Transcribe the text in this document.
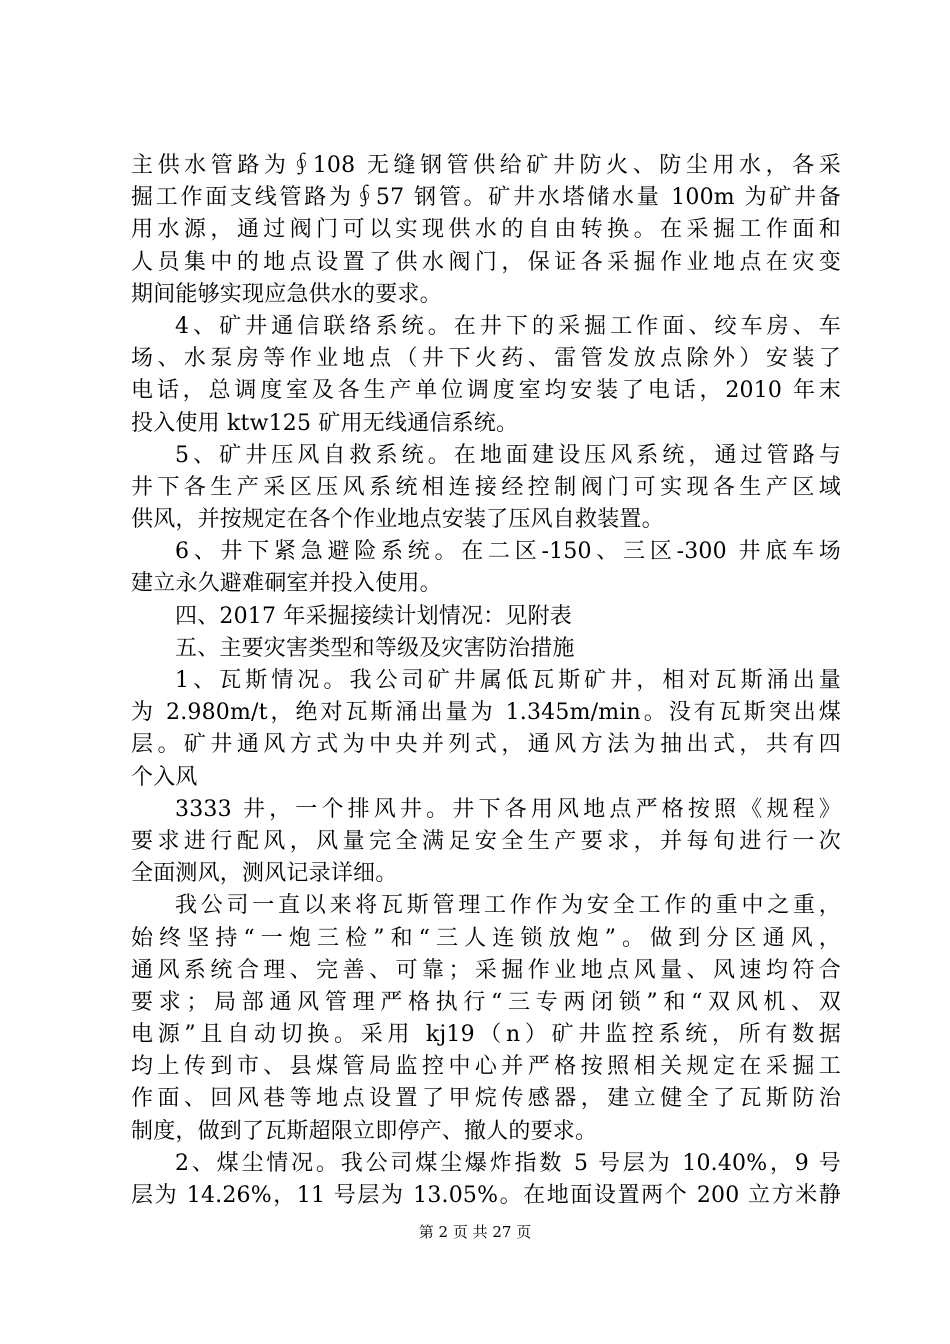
主供水管路为∮108 无缝钢管供给矿井防火、防尘用水，各采
掘工作面支线管路为∮57 钢管。矿井水塔储水量 100m 为矿井备
用水源，通过阀门可以实现供水的自由转换。在采掘工作面和
人员集中的地点设置了供水阀门，保证各采掘作业地点在灾变
期间能够实现应急供水的要求。
4、矿井通信联络系统。在井下的采掘工作面、绞车房、车
场、水泵房等作业地点（井下火药、雷管发放点除外）安装了
电话，总调度室及各生产单位调度室均安装了电话，2010 年末
投入使用 ktw125 矿用无线通信系统。
5、矿井压风自救系统。在地面建设压风系统，通过管路与
井下各生产采区压风系统相连接经控制阀门可实现各生产区域
供风，并按规定在各个作业地点安装了压风自救装置。
6、井下紧急避险系统。在二区-150、三区-300 井底车场
建立永久避难硐室并投入使用。
四、2017 年采掘接续计划情况：见附表
五、主要灾害类型和等级及灾害防治措施
1、瓦斯情况。我公司矿井属低瓦斯矿井，相对瓦斯涌出量
为 2.980m/t，绝对瓦斯涌出量为 1.345m/min。没有瓦斯突出煤
层。矿井通风方式为中央并列式，通风方法为抽出式，共有四
个入风
3333 井，一个排风井。井下各用风地点严格按照《规程》
要求进行配风，风量完全满足安全生产要求，并每旬进行一次
全面测风，测风记录详细。
我公司一直以来将瓦斯管理工作作为安全工作的重中之重，
始终坚持“一炮三检”和“三人连锁放炮”。做到分区通风，
通风系统合理、完善、可靠；采掘作业地点风量、风速均符合
要求；局部通风管理严格执行“三专两闭锁”和“双风机、双
电源”且自动切换。采用 kj19（n）矿井监控系统，所有数据
均上传到市、县煤管局监控中心并严格按照相关规定在采掘工
作面、回风巷等地点设置了甲烷传感器，建立健全了瓦斯防治
制度，做到了瓦斯超限立即停产、撤人的要求。
2、煤尘情况。我公司煤尘爆炸指数 5 号层为 10.40%，9 号
层为 14.26%，11 号层为 13.05%。在地面设置两个 200 立方米静
第 2 页 共 27 页
